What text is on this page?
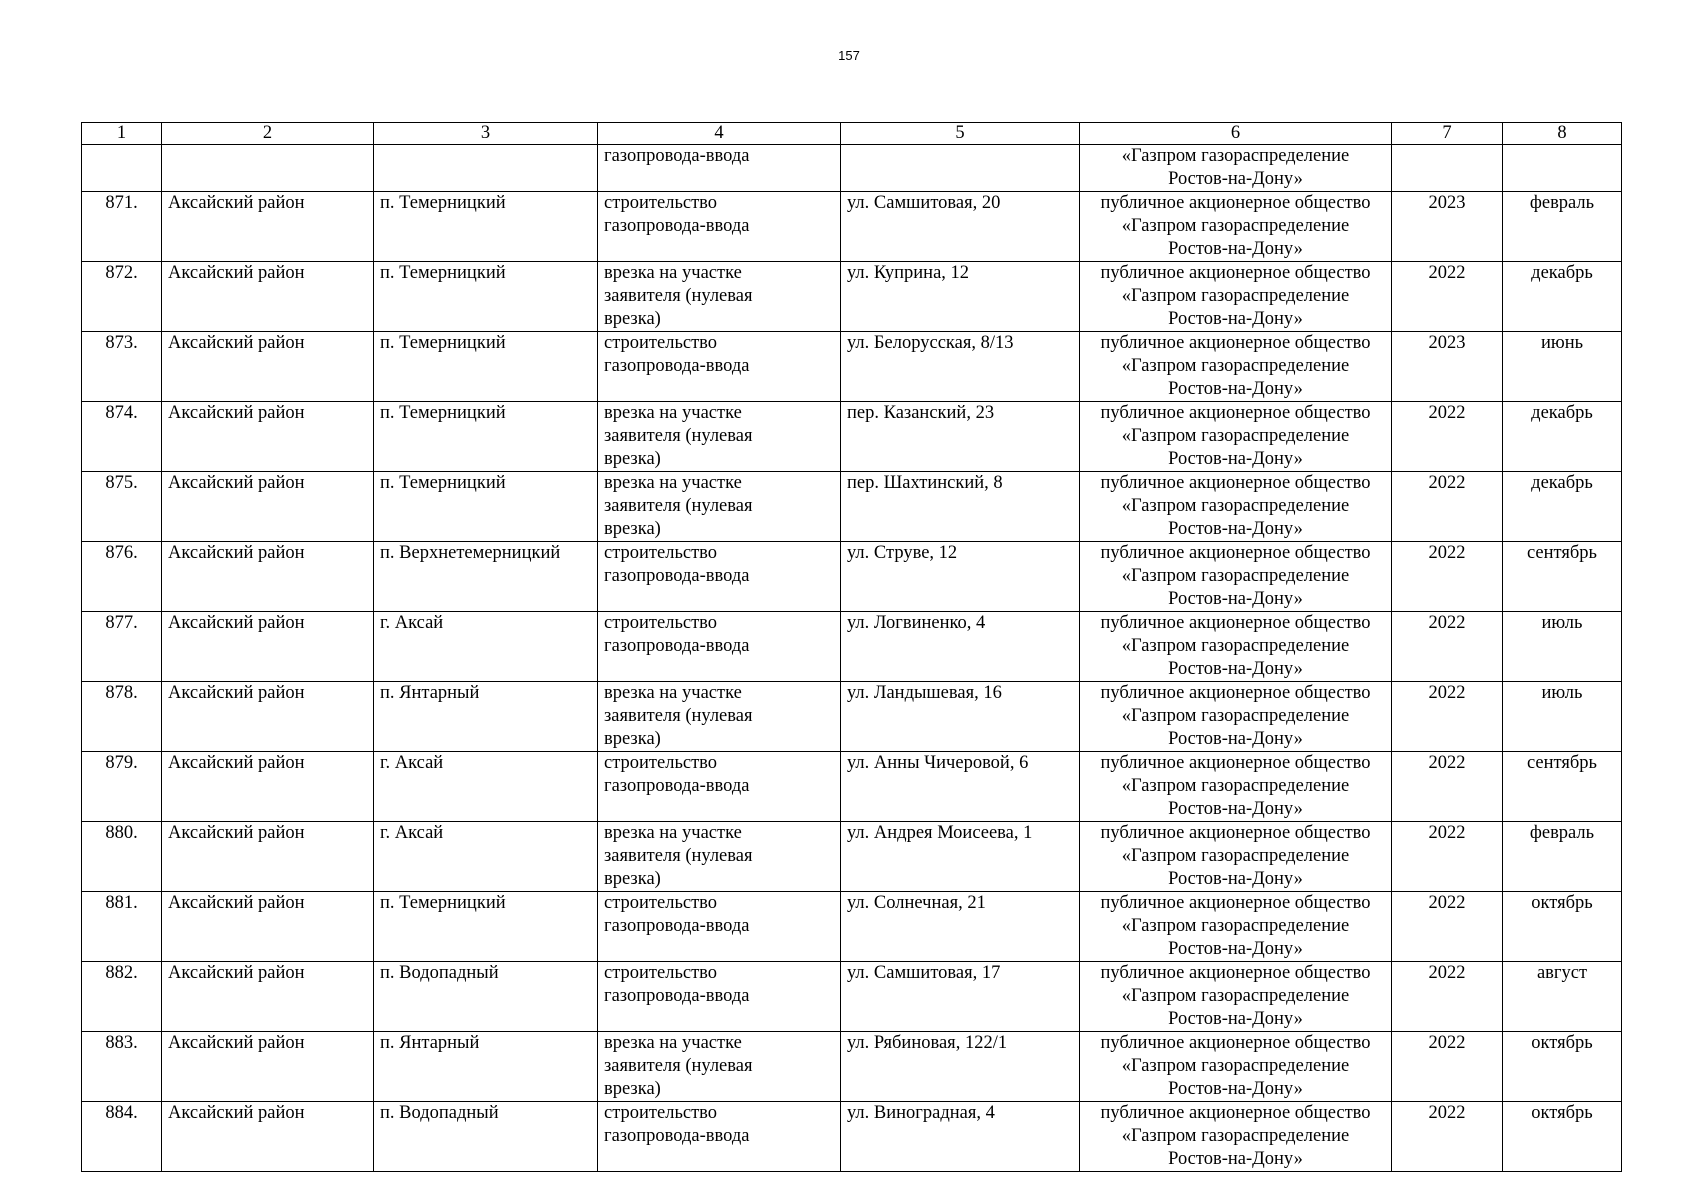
157
1	2	3	4	5	6	7	8

			газопровода-ввода		«Газпром газораспределение
Ростов-на-Дону»		

871.	Аксайский район	п. Темерницкий	строительство
газопровода-ввода	ул. Самшитовая, 20	публичное акционерное общество
«Газпром газораспределение
Ростов-на-Дону»	2023	февраль
872.	Аксайский район	п. Темерницкий	врезка на участке
заявителя (нулевая
врезка)	ул. Куприна, 12	публичное акционерное общество
«Газпром газораспределение
Ростов-на-Дону»	2022	декабрь
873.	Аксайский район	п. Темерницкий	строительство
газопровода-ввода	ул. Белорусская, 8/13	публичное акционерное общество
«Газпром газораспределение
Ростов-на-Дону»	2023	июнь
874.	Аксайский район	п. Темерницкий	врезка на участке
заявителя (нулевая
врезка)	пер. Казанский, 23	публичное акционерное общество
«Газпром газораспределение
Ростов-на-Дону»	2022	декабрь
875.	Аксайский район	п. Темерницкий	врезка на участке
заявителя (нулевая
врезка)	пер. Шахтинский, 8	публичное акционерное общество
«Газпром газораспределение
Ростов-на-Дону»	2022	декабрь
876.	Аксайский район	п. Верхнетемерницкий	строительство
газопровода-ввода	ул. Струве, 12	публичное акционерное общество
«Газпром газораспределение
Ростов-на-Дону»	2022	сентябрь
877.	Аксайский район	г. Аксай	строительство
газопровода-ввода	ул. Логвиненко, 4	публичное акционерное общество
«Газпром газораспределение
Ростов-на-Дону»	2022	июль
878.	Аксайский район	п. Янтарный	врезка на участке
заявителя (нулевая
врезка)	ул. Ландышевая, 16	публичное акционерное общество
«Газпром газораспределение
Ростов-на-Дону»	2022	июль
879.	Аксайский район	г. Аксай	строительство
газопровода-ввода	ул. Анны Чичеровой, 6	публичное акционерное общество
«Газпром газораспределение
Ростов-на-Дону»	2022	сентябрь
880.	Аксайский район	г. Аксай	врезка на участке
заявителя (нулевая
врезка)	ул. Андрея Моисеева, 1	публичное акционерное общество
«Газпром газораспределение
Ростов-на-Дону»	2022	февраль
881.	Аксайский район	п. Темерницкий	строительство
газопровода-ввода	ул. Солнечная, 21	публичное акционерное общество
«Газпром газораспределение
Ростов-на-Дону»	2022	октябрь
882.	Аксайский район	п. Водопадный	строительство
газопровода-ввода	ул. Самшитовая, 17	публичное акционерное общество
«Газпром газораспределение
Ростов-на-Дону»	2022	август
883.	Аксайский район	п. Янтарный	врезка на участке
заявителя (нулевая
врезка)	ул. Рябиновая, 122/1	публичное акционерное общество
«Газпром газораспределение
Ростов-на-Дону»	2022	октябрь
884.	Аксайский район	п. Водопадный	строительство
газопровода-ввода	ул. Виноградная, 4	публичное акционерное общество
«Газпром газораспределение
Ростов-на-Дону»	2022	октябрь
